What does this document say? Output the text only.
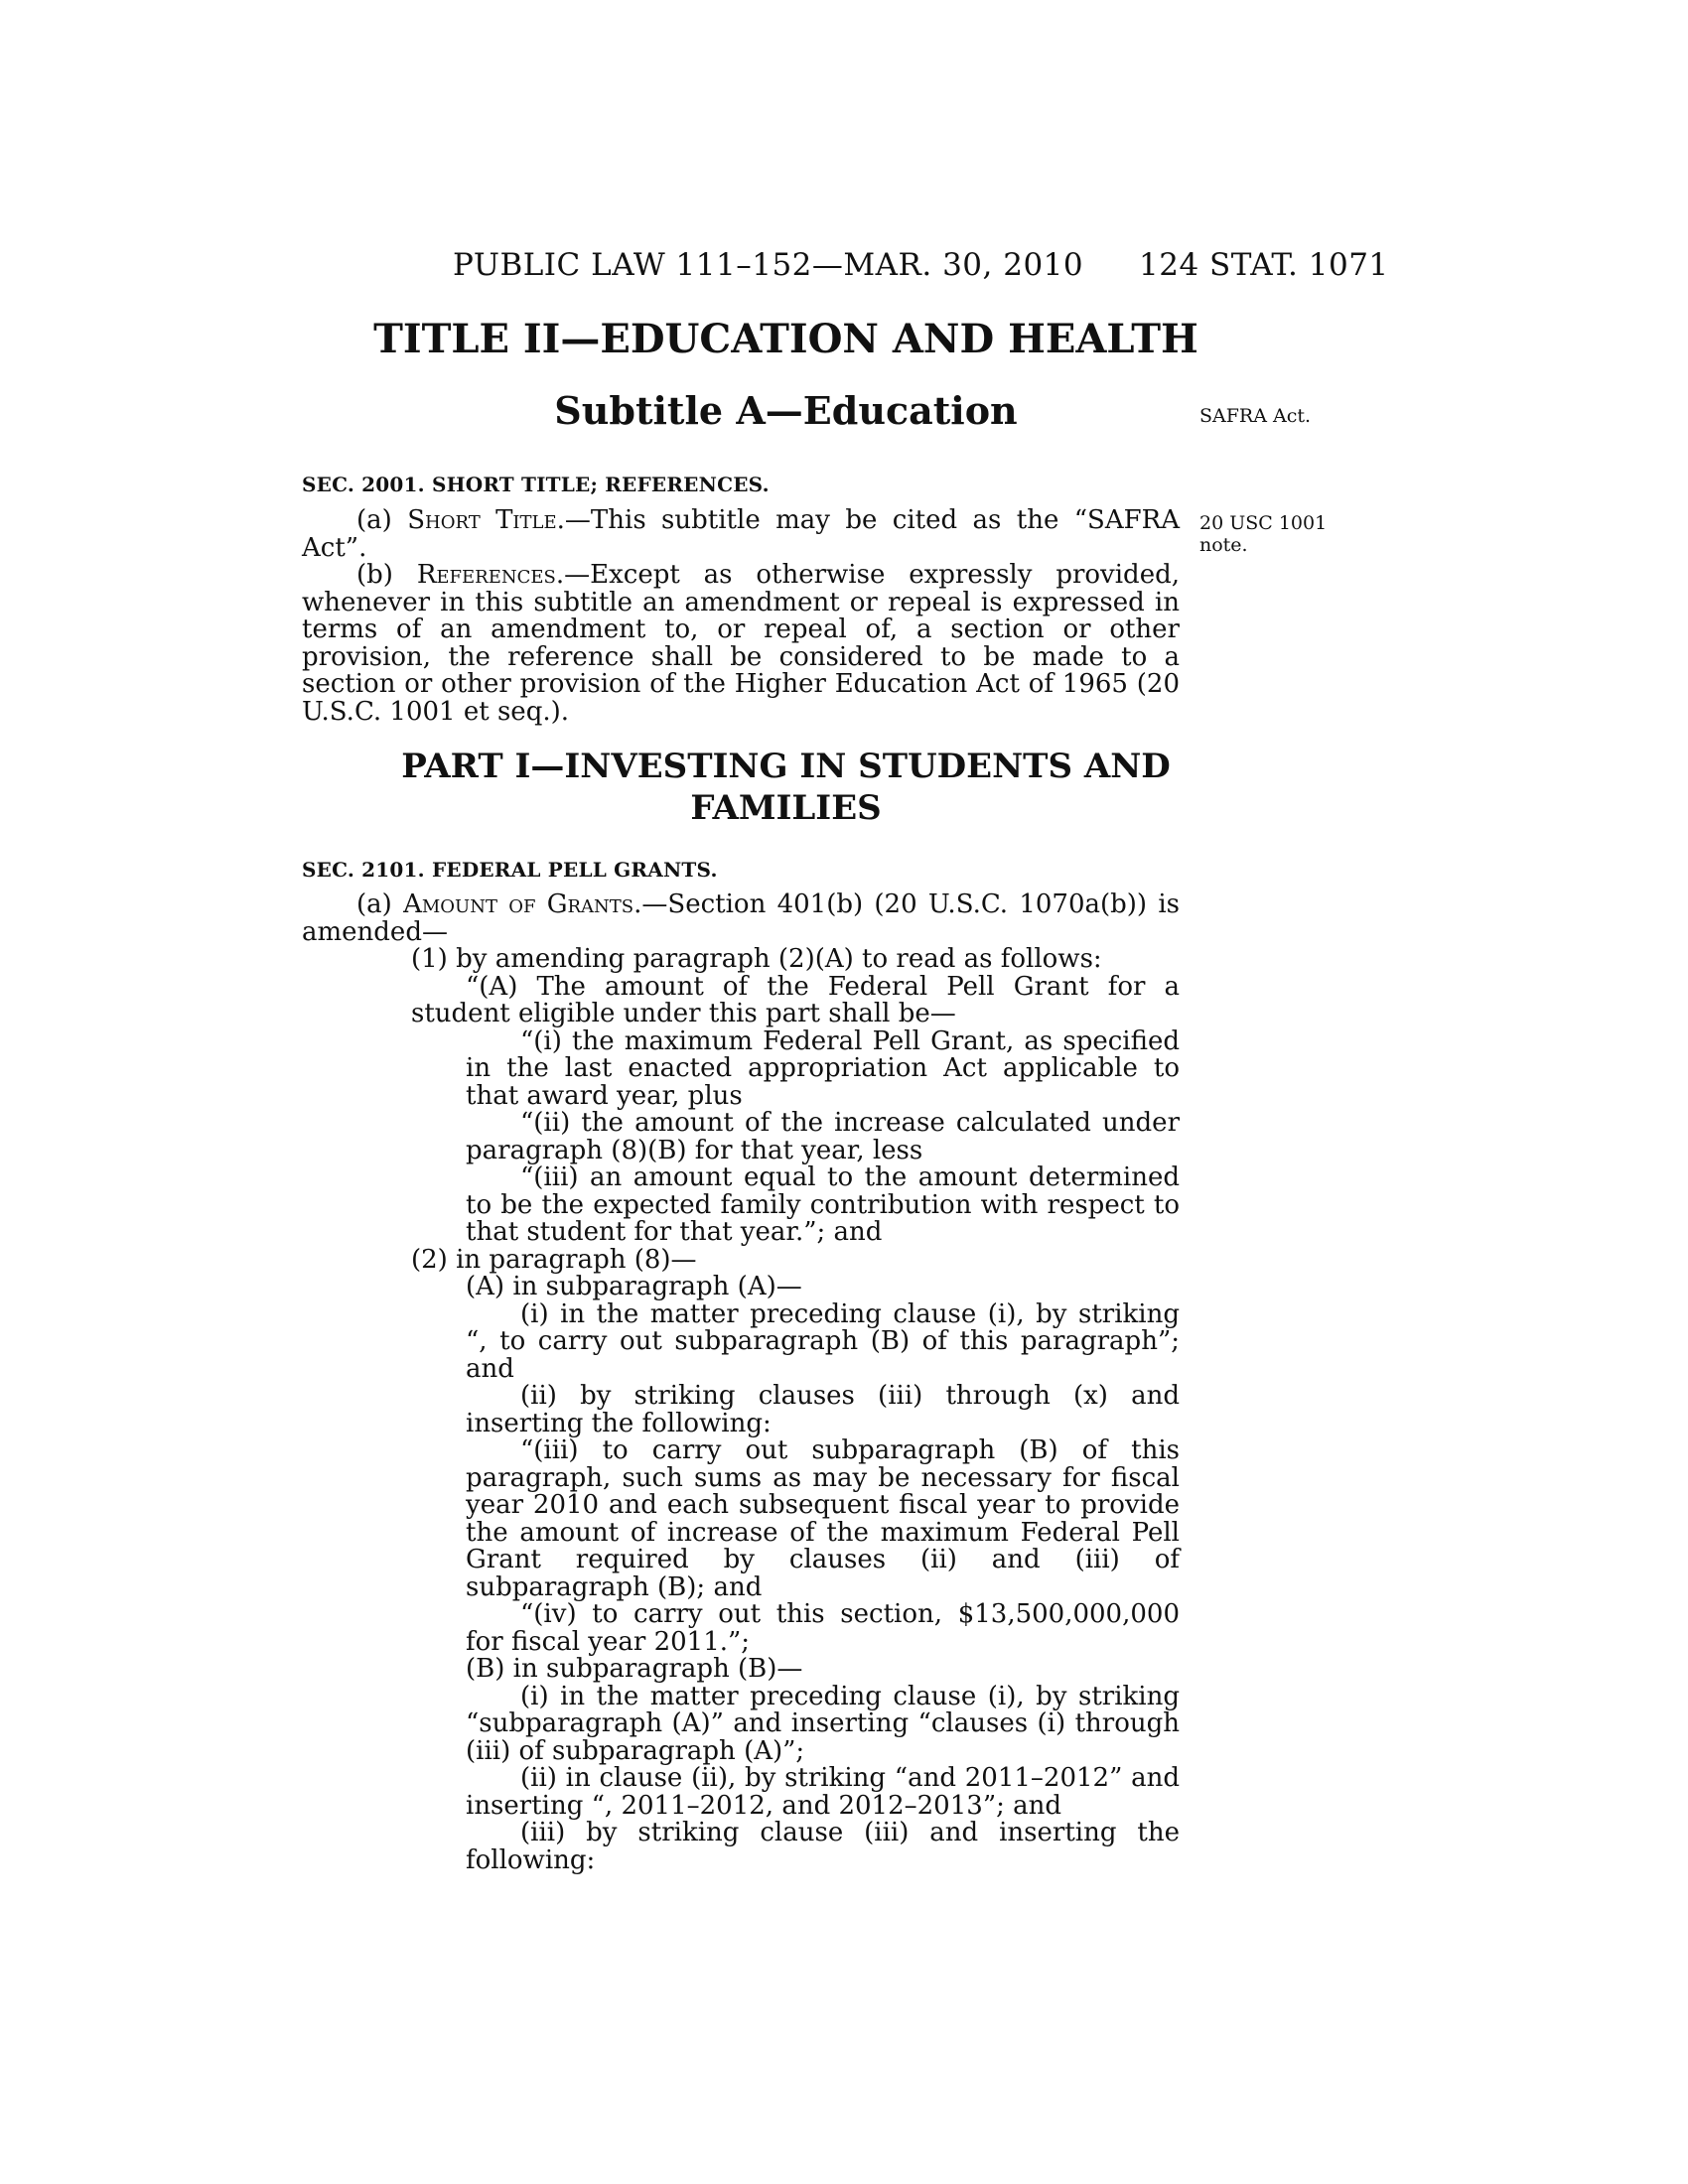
PUBLIC LAW 111–152—MAR. 30, 2010 124 STAT. 1071
TITLE II—EDUCATION AND HEALTH
Subtitle A—Education	SAFRA Act.
20 USC 1001
note.
SEC. 2001. SHORT TITLE; REFERENCES.

(a) Short Title.—This subtitle may be cited as the “SAFRA Act”.

(b) References.—Except as otherwise expressly provided, whenever in this subtitle an amendment or repeal is expressed in terms of an amendment to, or repeal of, a section or other provision, the reference shall be considered to be made to a section or other provision of the Higher Education Act of 1965 (20 U.S.C. 1001 et seq.).

PART I—INVESTING IN STUDENTS AND
FAMILIES
SEC. 2101. FEDERAL PELL GRANTS.

(a) Amount of Grants.—Section 401(b) (20 U.S.C. 1070a(b)) is amended—

(1) by amending paragraph (2)(A) to read as follows:

“(A) The amount of the Federal Pell Grant for a student eligible under this part shall be—

“(i) the maximum Federal Pell Grant, as specified in the last enacted appropriation Act applicable to that award year, plus

“(ii) the amount of the increase calculated under paragraph (8)(B) for that year, less

“(iii) an amount equal to the amount determined to be the expected family contribution with respect to that student for that year.”; and

(2) in paragraph (8)—

(A) in subparagraph (A)—

(i) in the matter preceding clause (i), by striking “, to carry out subparagraph (B) of this paragraph”; and

(ii) by striking clauses (iii) through (x) and inserting the following:

“(iii) to carry out subparagraph (B) of this paragraph, such sums as may be necessary for fiscal year 2010 and each subsequent fiscal year to provide the amount of increase of the maximum Federal Pell Grant required by clauses (ii) and (iii) of subparagraph (B); and

“(iv) to carry out this section, $13,500,000,000 for fiscal year 2011.”;

(B) in subparagraph (B)—

(i) in the matter preceding clause (i), by striking “subparagraph (A)” and inserting “clauses (i) through (iii) of subparagraph (A)”;

(ii) in clause (ii), by striking “and 2011–2012” and inserting “, 2011–2012, and 2012–2013”; and

(iii) by striking clause (iii) and inserting the following:
